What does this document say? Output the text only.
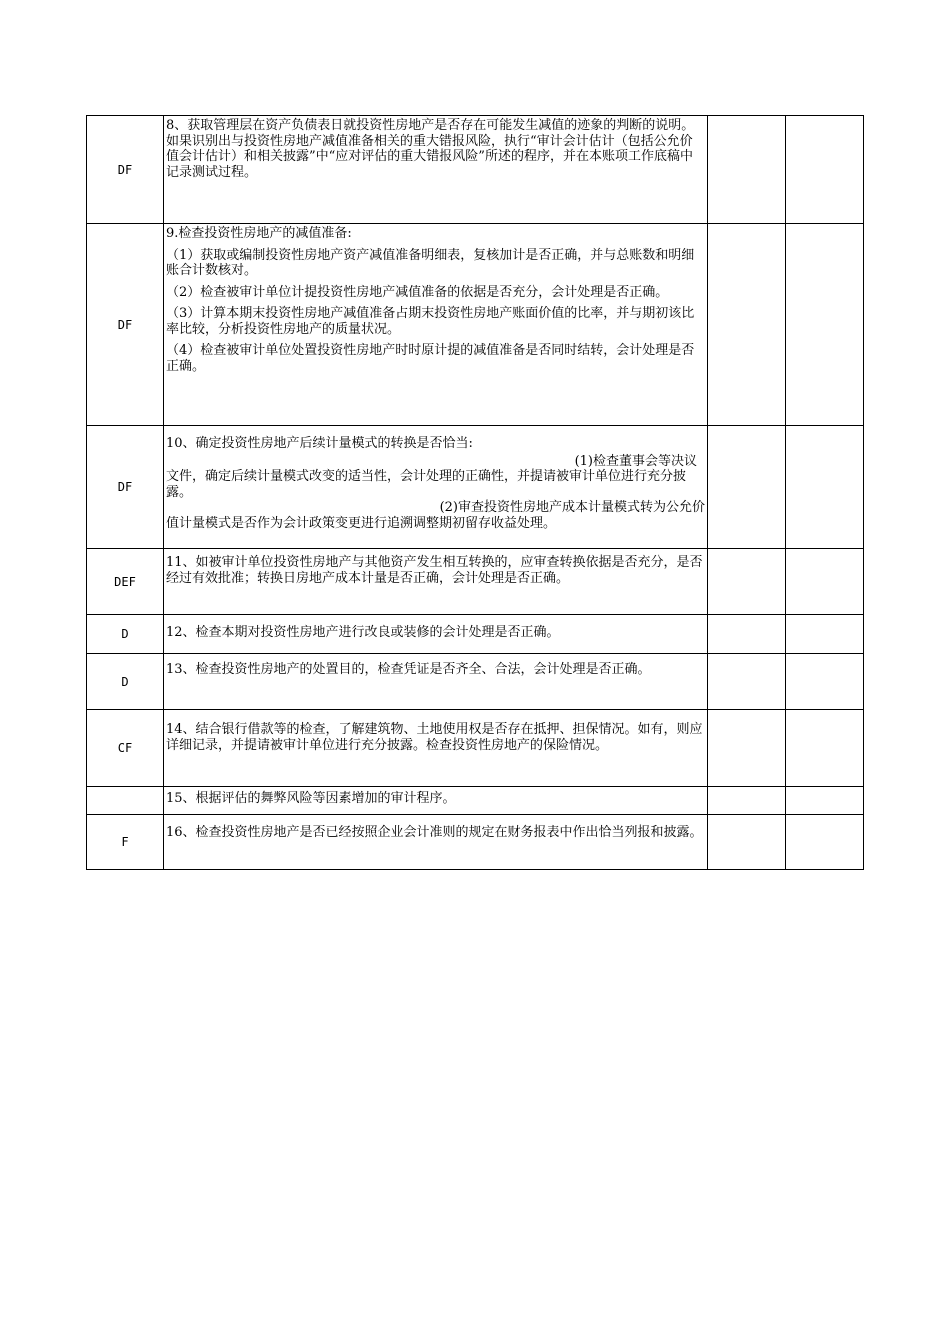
DF	8、获取管理层在资产负债表日就投资性房地产是否存在可能发生减值的迹象的判断的说明。如果识别出与投资性房地产减值准备相关的重大错报风险，执行“审计会计估计（包括公允价值会计估计）和相关披露”中“应对评估的重大错报风险”所述的程序，并在本账项工作底稿中记录测试过程。		

DF	9.检查投资性房地产的减值准备:

（1）获取或编制投资性房地产资产减值准备明细表，复核加计是否正确，并与总账数和明细账合计数核对。

（2）检查被审计单位计提投资性房地产减值准备的依据是否充分，会计处理是否正确。

（3）计算本期末投资性房地产减值准备占期末投资性房地产账面价值的比率，并与期初该比率比较，分析投资性房地产的质量状况。

（4）检查被审计单位处置投资性房地产时时原计提的减值准备是否同时结转，会计处理是否正确。		

DF	10、确定投资性房地产后续计量模式的转换是否恰当:

(1)检查董事会等决议

文件，确定后续计量模式改变的适当性，会计处理的正确性，并提请被审计单位进行充分披露。

(2)审查投资性房地产成本计量模式转为公允价

值计量模式是否作为会计政策变更进行追溯调整期初留存收益处理。		

DEF	11、如被审计单位投资性房地产与其他资产发生相互转换的，应审查转换依据是否充分，是否经过有效批准；转换日房地产成本计量是否正确，会计处理是否正确。		

D	12、检查本期对投资性房地产进行改良或装修的会计处理是否正确。		

D	13、检查投资性房地产的处置目的，检查凭证是否齐全、合法，会计处理是否正确。		

CF	14、结合银行借款等的检查，了解建筑物、土地使用权是否存在抵押、担保情况。如有，则应详细记录，并提请被审计单位进行充分披露。检查投资性房地产的保险情况。		

	15、根据评估的舞弊风险等因素增加的审计程序。		

F	16、检查投资性房地产是否已经按照企业会计准则的规定在财务报表中作出恰当列报和披露。		
